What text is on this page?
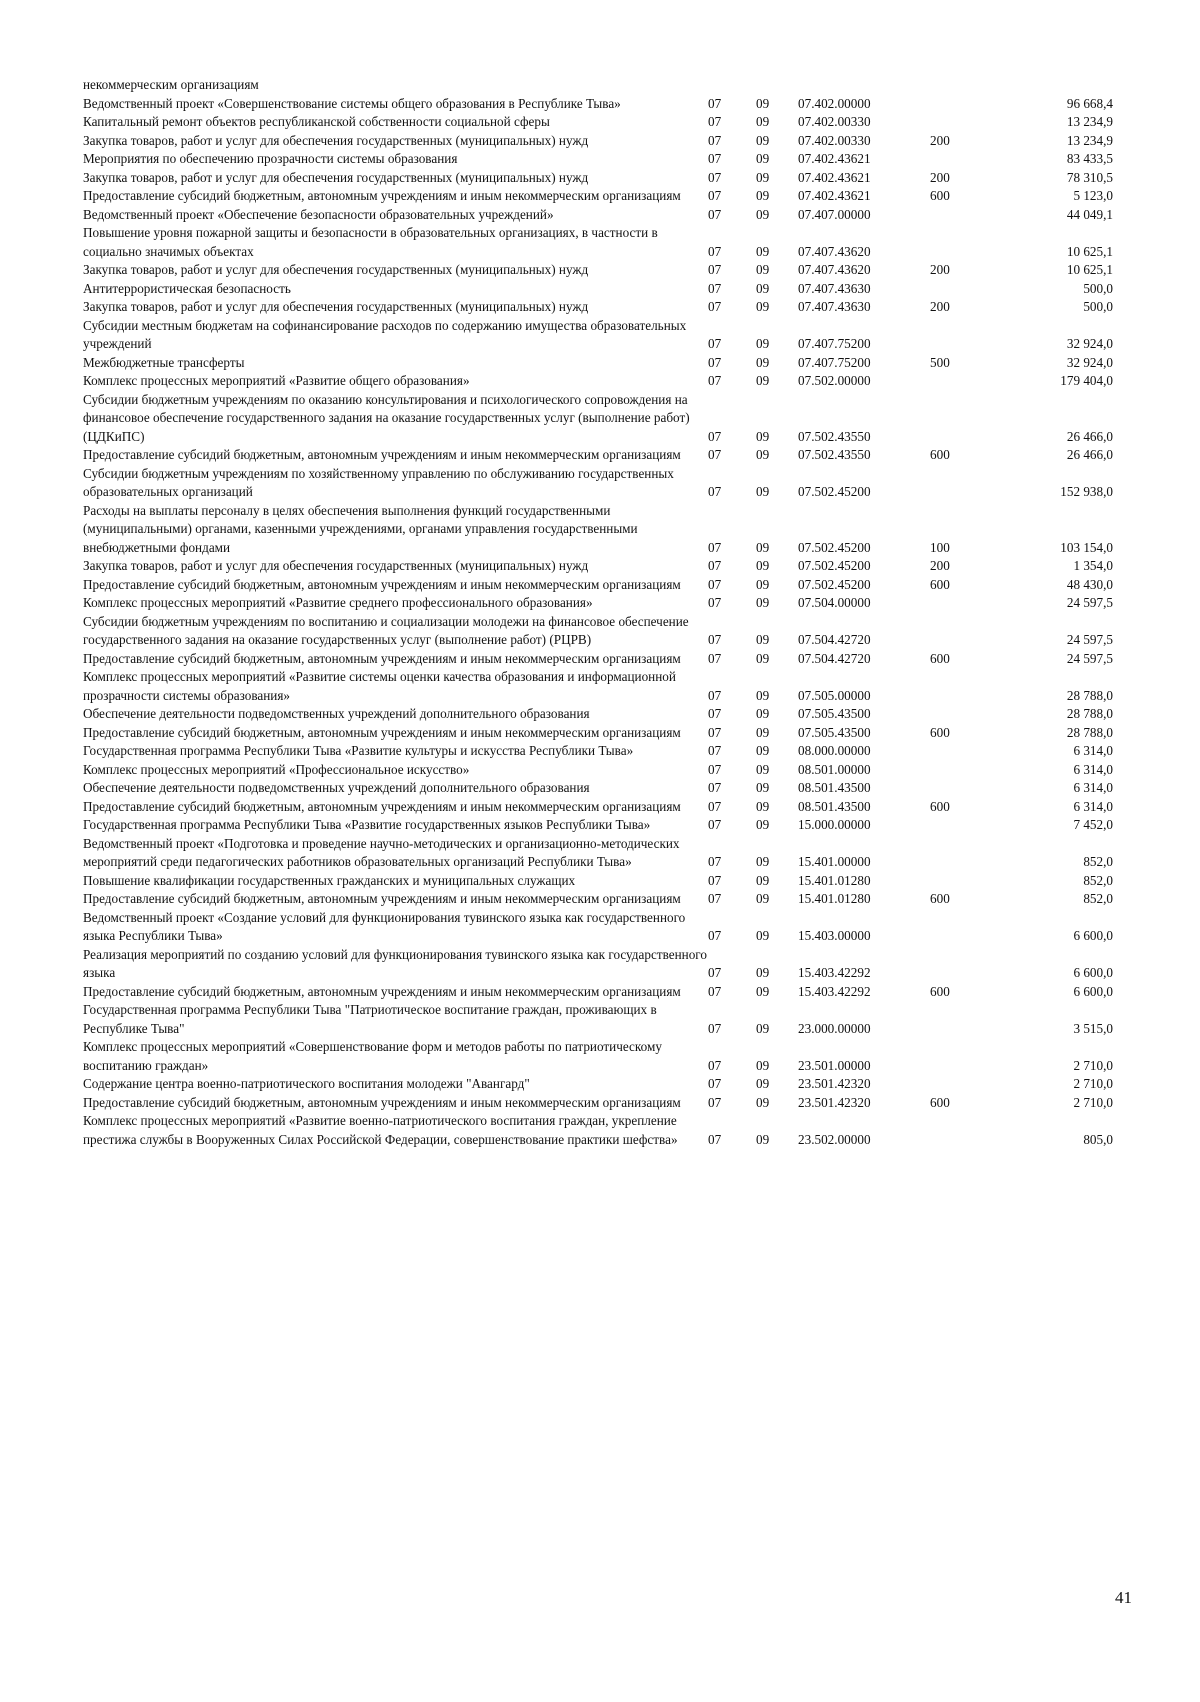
некоммерческим организациям					
Ведомственный проект «Совершенствование системы общего образования в Республике Тыва»	07	09	07.402.00000		96 668,4
Капитальный ремонт объектов республиканской собственности социальной сферы	07	09	07.402.00330		13 234,9
Закупка товаров, работ и услуг для обеспечения государственных (муниципальных) нужд	07	09	07.402.00330	200	13 234,9
Мероприятия по обеспечению прозрачности системы образования	07	09	07.402.43621		83 433,5
Закупка товаров, работ и услуг для обеспечения государственных (муниципальных) нужд	07	09	07.402.43621	200	78 310,5
Предоставление субсидий бюджетным, автономным учреждениям и иным некоммерческим организациям	07	09	07.402.43621	600	5 123,0
Ведомственный проект «Обеспечение безопасности образовательных учреждений»	07	09	07.407.00000		44 049,1
Повышение уровня пожарной защиты и безопасности в образовательных организациях, в частности в социально значимых объектах	07	09	07.407.43620		10 625,1
Закупка товаров, работ и услуг для обеспечения государственных (муниципальных) нужд	07	09	07.407.43620	200	10 625,1
Антитеррористическая безопасность	07	09	07.407.43630		500,0
Закупка товаров, работ и услуг для обеспечения государственных (муниципальных) нужд	07	09	07.407.43630	200	500,0
Субсидии местным бюджетам на софинансирование расходов по содержанию имущества образовательных учреждений	07	09	07.407.75200		32 924,0
Межбюджетные трансферты	07	09	07.407.75200	500	32 924,0
Комплекс процессных мероприятий «Развитие общего образования»	07	09	07.502.00000		179 404,0
Субсидии бюджетным учреждениям по оказанию консультирования и психологического сопровождения на финансовое обеспечение государственного задания на оказание государственных услуг (выполнение работ) (ЦДКиПС)	07	09	07.502.43550		26 466,0
Предоставление субсидий бюджетным, автономным учреждениям и иным некоммерческим организациям	07	09	07.502.43550	600	26 466,0
Субсидии бюджетным учреждениям по хозяйственному управлению по обслуживанию государственных образовательных организаций	07	09	07.502.45200		152 938,0
Расходы на выплаты персоналу в целях обеспечения выполнения функций государственными (муниципальными) органами, казенными учреждениями, органами управления государственными внебюджетными фондами	07	09	07.502.45200	100	103 154,0
Закупка товаров, работ и услуг для обеспечения государственных (муниципальных) нужд	07	09	07.502.45200	200	1 354,0
Предоставление субсидий бюджетным, автономным учреждениям и иным некоммерческим организациям	07	09	07.502.45200	600	48 430,0
Комплекс процессных мероприятий «Развитие среднего профессионального образования»	07	09	07.504.00000		24 597,5
Субсидии бюджетным учреждениям по воспитанию и социализации молодежи на финансовое обеспечение государственного задания на оказание государственных услуг (выполнение работ) (РЦРВ)	07	09	07.504.42720		24 597,5
Предоставление субсидий бюджетным, автономным учреждениям и иным некоммерческим организациям	07	09	07.504.42720	600	24 597,5
Комплекс процессных мероприятий «Развитие системы оценки качества образования и информационной прозрачности системы образования»	07	09	07.505.00000		28 788,0
Обеспечение деятельности подведомственных учреждений дополнительного образования	07	09	07.505.43500		28 788,0
Предоставление субсидий бюджетным, автономным учреждениям и иным некоммерческим организациям	07	09	07.505.43500	600	28 788,0
Государственная программа Республики Тыва «Развитие культуры и искусства Республики Тыва»	07	09	08.000.00000		6 314,0
Комплекс процессных мероприятий «Профессиональное искусство»	07	09	08.501.00000		6 314,0
Обеспечение деятельности подведомственных учреждений дополнительного образования	07	09	08.501.43500		6 314,0
Предоставление субсидий бюджетным, автономным учреждениям и иным некоммерческим организациям	07	09	08.501.43500	600	6 314,0
Государственная программа Республики Тыва «Развитие государственных языков Республики Тыва»	07	09	15.000.00000		7 452,0
Ведомственный проект «Подготовка и проведение научно-методических и организационно-методических мероприятий среди педагогических работников образовательных организаций Республики Тыва»	07	09	15.401.00000		852,0
Повышение квалификации государственных гражданских и муниципальных служащих	07	09	15.401.01280		852,0
Предоставление субсидий бюджетным, автономным учреждениям и иным некоммерческим организациям	07	09	15.401.01280	600	852,0
Ведомственный проект «Создание условий для функционирования тувинского языка как государственного языка Республики Тыва»	07	09	15.403.00000		6 600,0
Реализация мероприятий по созданию условий для функционирования тувинского языка как государственного языка	07	09	15.403.42292		6 600,0
Предоставление субсидий бюджетным, автономным учреждениям и иным некоммерческим организациям	07	09	15.403.42292	600	6 600,0
Государственная программа Республики Тыва "Патриотическое воспитание граждан, проживающих в Республике Тыва"	07	09	23.000.00000		3 515,0
Комплекс процессных мероприятий «Совершенствование форм и методов работы по патриотическому воспитанию граждан»	07	09	23.501.00000		2 710,0
Содержание центра военно-патриотического воспитания молодежи "Авангард"	07	09	23.501.42320		2 710,0
Предоставление субсидий бюджетным, автономным учреждениям и иным некоммерческим организациям	07	09	23.501.42320	600	2 710,0
Комплекс процессных мероприятий «Развитие военно-патриотического воспитания граждан, укрепление престижа службы в Вооруженных Силах Российской Федерации, совершенствование практики шефства»	07	09	23.502.00000		805,0
41
